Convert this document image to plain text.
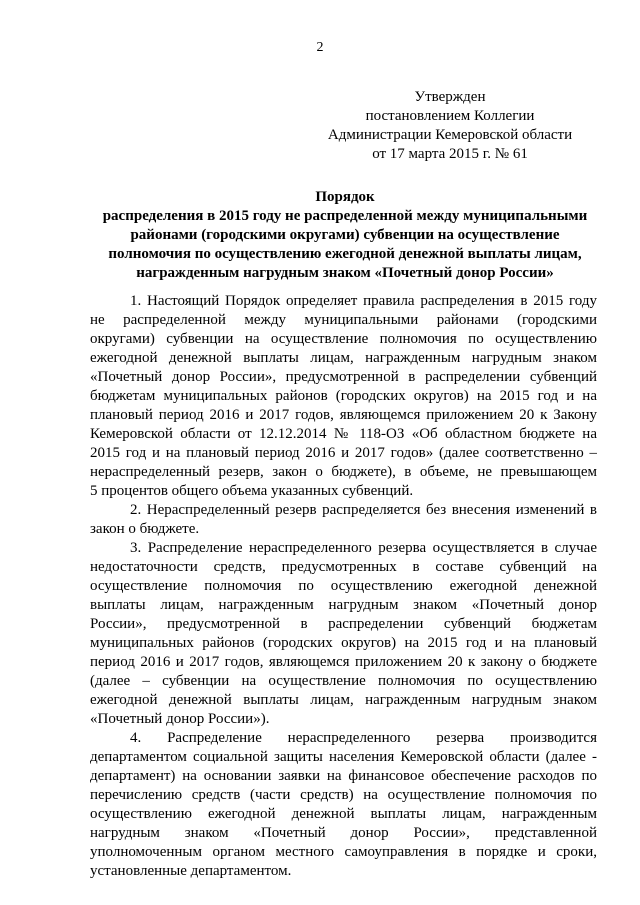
2
Утвержден
постановлением Коллегии
Администрации Кемеровской области
от 17 марта 2015 г. № 61
Порядок
распределения в 2015 году не распределенной между муниципальными
районами (городскими округами) субвенции на осуществление
полномочия по осуществлению ежегодной денежной выплаты лицам,
награжденным нагрудным знаком «Почетный донор России»
1. Настоящий Порядок определяет правила распределения в 2015 году
не распределенной между муниципальными районами (городскими
округами) субвенции на осуществление полномочия по осуществлению
ежегодной денежной выплаты лицам, награжденным нагрудным знаком
«Почетный донор России», предусмотренной в распределении субвенций
бюджетам муниципальных районов (городских округов) на 2015 год и на
плановый период 2016 и 2017 годов, являющемся приложением 20 к Закону
Кемеровской области от 12.12.2014 № 118-ОЗ «Об областном бюджете на
2015 год и на плановый период 2016 и 2017 годов» (далее соответственно –
нераспределенный резерв, закон о бюджете), в объеме, не превышающем
5 процентов общего объема указанных субвенций.
2. Нераспределенный резерв распределяется без внесения изменений в
закон о бюджете.
3. Распределение нераспределенного резерва осуществляется в случае
недостаточности средств, предусмотренных в составе субвенций на
осуществление полномочия по осуществлению ежегодной денежной
выплаты лицам, награжденным нагрудным знаком «Почетный донор
России», предусмотренной в распределении субвенций бюджетам
муниципальных районов (городских округов) на 2015 год и на плановый
период 2016 и 2017 годов, являющемся приложением 20 к закону о бюджете
(далее – субвенции на осуществление полномочия по осуществлению
ежегодной денежной выплаты лицам, награжденным нагрудным знаком
«Почетный донор России»).
4. Распределение нераспределенного резерва производится
департаментом социальной защиты населения Кемеровской области (далее -
департамент) на основании заявки на финансовое обеспечение расходов по
перечислению средств (части средств) на осуществление полномочия по
осуществлению ежегодной денежной выплаты лицам, награжденным
нагрудным знаком «Почетный донор России», представленной
уполномоченным органом местного самоуправления в порядке и сроки,
установленные департаментом.
